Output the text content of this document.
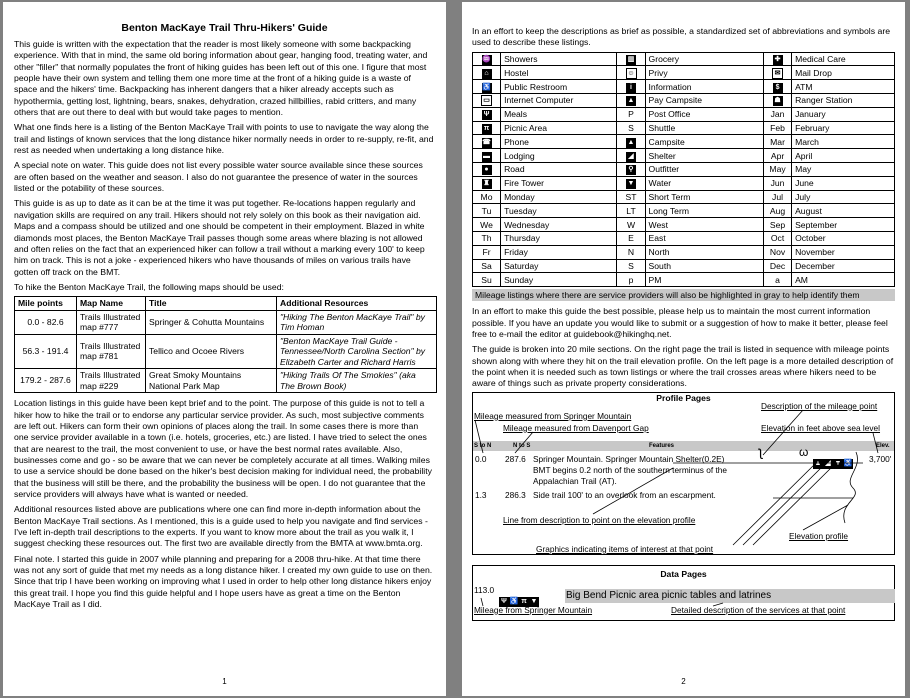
Benton MacKaye Trail Thru-Hikers' Guide

This guide is written with the expectation that the reader is most likely someone with some backpacking experience. With that in mind, the same old boring information about gear, hanging food, treating water, and other "filler" that normally populates the front of hiking guides has been left out of this one. I figure that most people have their own system and telling them one more time at the front of a hiking guide is a waste of space and the hikers' time. Backpacking has inherent dangers that a hiker already accepts such as hypothermia, getting lost, lightning, bears, snakes, dehydration, crazed hillbillies, rabid critters, and many others that are out there to deal with but would take pages to mention.

What one finds here is a listing of the Benton MacKaye Trail with points to use to navigate the way along the trail and listings of known services that the long distance hiker normally needs in order to re-supply, re-fit, and rest as needed when undertaking a long distance hike.

A special note on water. This guide does not list every possible water source available since these sources are often based on the weather and season. I also do not guarantee the presence of water in the sources listed or the potability of these sources.

This guide is as up to date as it can be at the time it was put together. Re-locations happen regularly and navigation skills are required on any trail. Hikers should not rely solely on this book as their navigation aid. Maps and a compass should be utilized and one should be competent in their employment. Blazed in white diamonds most places, the Benton MacKaye Trail passes though some areas where blazing is not allowed and often relies on the fact that an experienced hiker can follow a trail without a marking every 100' to keep him on track. This is not a joke - experienced hikers who have thousands of miles on various trails have gotten off track on the BMT.

To hike the Benton MacKaye Trail, the following maps should be used:

Mile points	Map Name	Title	Additional Resources
0.0 - 82.6	Trails Illustrated map #777	Springer & Cohutta Mountains	"Hiking The Benton MacKaye Trail" by Tim Homan
56.3 - 191.4	Trails Illustrated map #781	Tellico and Ocoee Rivers	"Benton MacKaye Trail Guide - Tennessee/North Carolina Section" by Elizabeth Carter and Richard Harris
179.2 - 287.6	Trails Illustrated map #229	Great Smoky Mountains National Park Map	"Hiking Trails Of The Smokies" (aka The Brown Book)

Location listings in this guide have been kept brief and to the point. The purpose of this guide is not to tell a hiker how to hike the trail or to endorse any particular service provider. As such, most subjective comments are left out. Hikers can form their own opinions of places along the trail. In some cases there is more than one service provider available in a town (i.e. hotels, groceries, etc.) are listed. I have tried to select the ones that are nearest to the trail, the most convenient to use, or have the best normal rates available. Also, businesses come and go - so be aware that we can never be completely accurate at all times. Walking miles to use a service should be done based on the hiker's best decision making for individual need, the probability that the business will still be there, and the probability the business will be open. I do not guarantee that the service providers will always have what is wanted or needed.

Additional resources listed above are publications where one can find more in-depth information about the Benton MacKaye Trail sections. As I mentioned, this is a guide used to help you navigate and find services - I've left in-depth trail descriptions to the experts. If you want to know more about the trail as you walk it, I suggest checking these resources out. The first two are available directly from the BMTA at www.bmta.org.

Final note. I started this guide in 2007 while planning and preparing for a 2008 thru-hike. At that time there was not any sort of guide that met my needs as a long distance hiker. I created my own guide to use on then. Since that trip I have been working on improving what I used in order to help other long distance hikers enjoy this great trail. I hope you find this guide helpful and I hope users have as great a time on the Benton MacKaye Trail as I did.

1

In an effort to keep the descriptions as brief as possible, a standardized set of abbreviations and symbols are used to describe these listings.

♒	Showers	▥	Grocery	✚	Medical Care
⌂	Hostel	☺	Privy	✉	Mail Drop
♿	Public Restroom	i	Information	$	ATM
▭	Internet Computer	▲	Pay Campsite	☗	Ranger Station
Ψ	Meals	P	Post Office	Jan	January
π	Picnic Area	S	Shuttle	Feb	February
☎	Phone	▲	Campsite	Mar	March
▬	Lodging	◢	Shelter	Apr	April
●	Road	⚲	Outfitter	May	May
♜	Fire Tower	▼	Water	Jun	June
Mo	Monday	ST	Short Term	Jul	July
Tu	Tuesday	LT	Long Term	Aug	August
We	Wednesday	W	West	Sep	September
Th	Thursday	E	East	Oct	October
Fr	Friday	N	North	Nov	November
Sa	Saturday	S	South	Dec	December
Su	Sunday	p	PM	a	AM
Mileage listings where there are service providers will also be highlighted in gray to help identify them

In an effort to make this guide the best possible, please help us to maintain the most current information possible. If you have an update you would like to submit or a suggestion of how to make it better, please feel free to e-mail the editor at guidebook@hikinghq.net.

The guide is broken into 20 mile sections. On the right page the trail is listed in sequence with mileage points shown along with where they hit on the trail elevation profile. On the left page is a more detailed description of the point when it is needed such as town listings or where the trail crosses areas where hikers need to be aware of things such as private property considerations.

Profile Pages
Description of the mileage point
Mileage measured from Springer Mountain
Mileage measured from Davenport Gap	Elevation in feet above sea level
S to N	N to S	Features	Elev.
0.0 287.6 Springer Mountain. Springer Mountain Shelter(0.2E)	3,700'
BMT begins 0.2 north of the southern terminus of the
Appalachian Trail (AT).
1.3 286.3 Side trail 100' to an overlook from an escarpment.
▲ ◢ ▼ ♿
Line from description to point on the elevation profile
Elevation profile
Graphics indicating items of interest at that point
ʅ	ω
Data Pages
113.0
Ψ ♿ π ▼
Big Bend Picnic area picnic tables and latrines
Mileage from Springer Mountain	Detailed description of the services at that point
2
